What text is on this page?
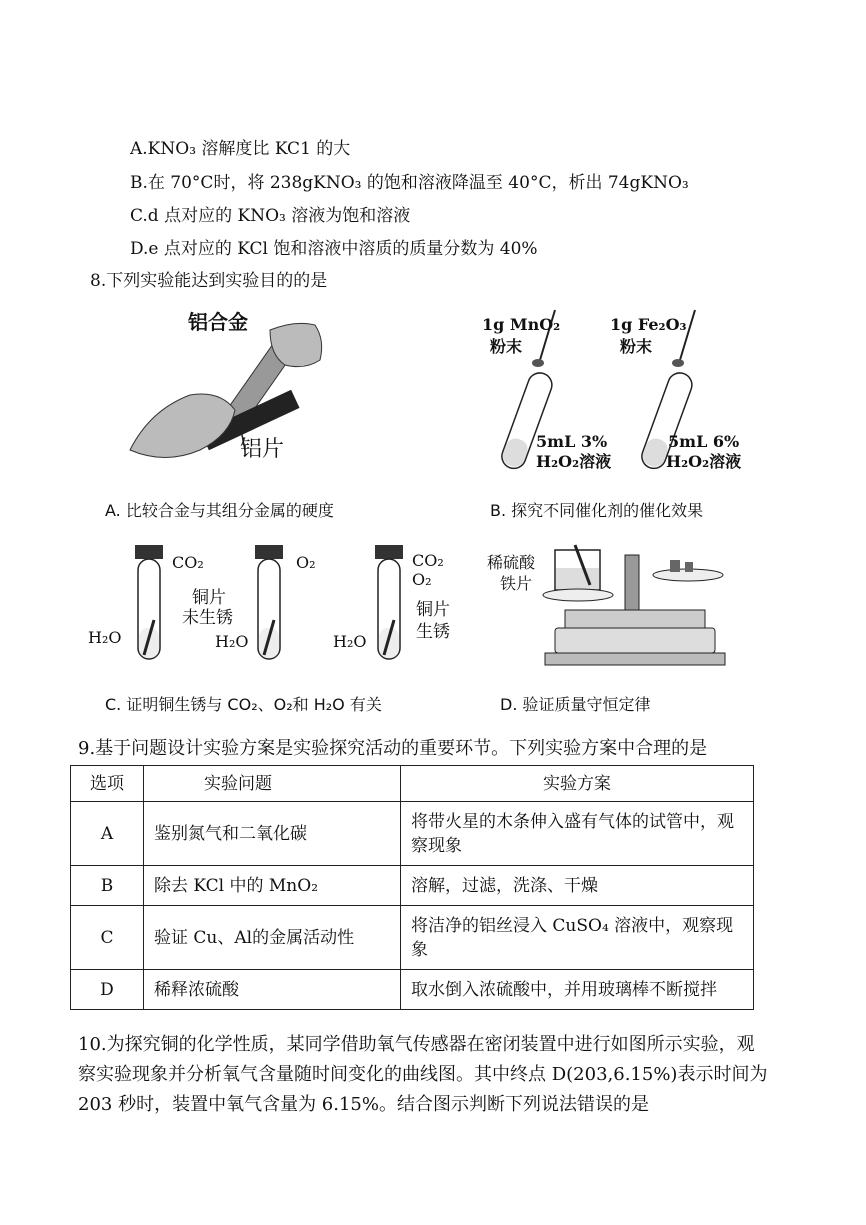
A.KNO₃ 溶解度比 KC1 的大
B.在 70°C时，将 238gKNO₃ 的饱和溶液降温至 40°C，析出 74gKNO₃
C.d 点对应的 KNO₃ 溶液为饱和溶液
D.e 点对应的 KCl 饱和溶液中溶质的质量分数为 40%
8.下列实验能达到实验目的的是
铝合金
铝片
A. 比较合金与其组分金属的硬度
1g MnO₂
粉末
1g Fe₂O₃
粉末
5mL 3%
H₂O₂溶液
5mL 6%
H₂O₂溶液
B. 探究不同催化剂的催化效果
CO₂	O₂	CO₂
O₂
铜片
未生锈	铜片
生锈
H₂O	H₂O	H₂O
C. 证明铜生锈与 CO₂、O₂和 H₂O 有关
稀硫酸
铁片
D. 验证质量守恒定律
9.基于问题设计实验方案是实验探究活动的重要环节。下列实验方案中合理的是
选项	实验问题	实验方案
A	鉴别氮气和二氧化碳	将带火星的木条伸入盛有气体的试管中，观察现象
B	除去 KCl 中的 MnO₂	溶解，过滤，洗涤、干燥
C	验证 Cu、Al的金属活动性	将洁净的铝丝浸入 CuSO₄ 溶液中，观察现象
D	稀释浓硫酸	取水倒入浓硫酸中，并用玻璃棒不断搅拌
10.为探究铜的化学性质，某同学借助氧气传感器在密闭装置中进行如图所示实验，观察实验现象并分析氧气含量随时间变化的曲线图。其中终点 D(203,6.15%)表示时间为 203 秒时，装置中氧气含量为 6.15%。结合图示判断下列说法错误的是
